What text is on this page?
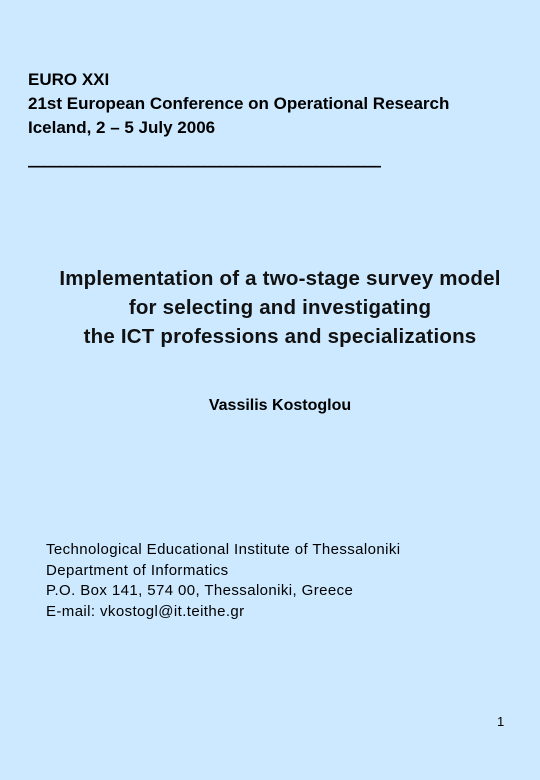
EURO XXI
21st European Conference on Operational Research
Iceland, 2 – 5 July 2006
——————————————————————
Implementation of a two-stage survey model
for selecting and investigating
the ICT professions and specializations
Vassilis Kostoglou
Technological Educational Institute of Thessaloniki
Department of Informatics
P.O. Box 141, 574 00, Thessaloniki, Greece
E-mail: vkostogl@it.teithe.gr
1
